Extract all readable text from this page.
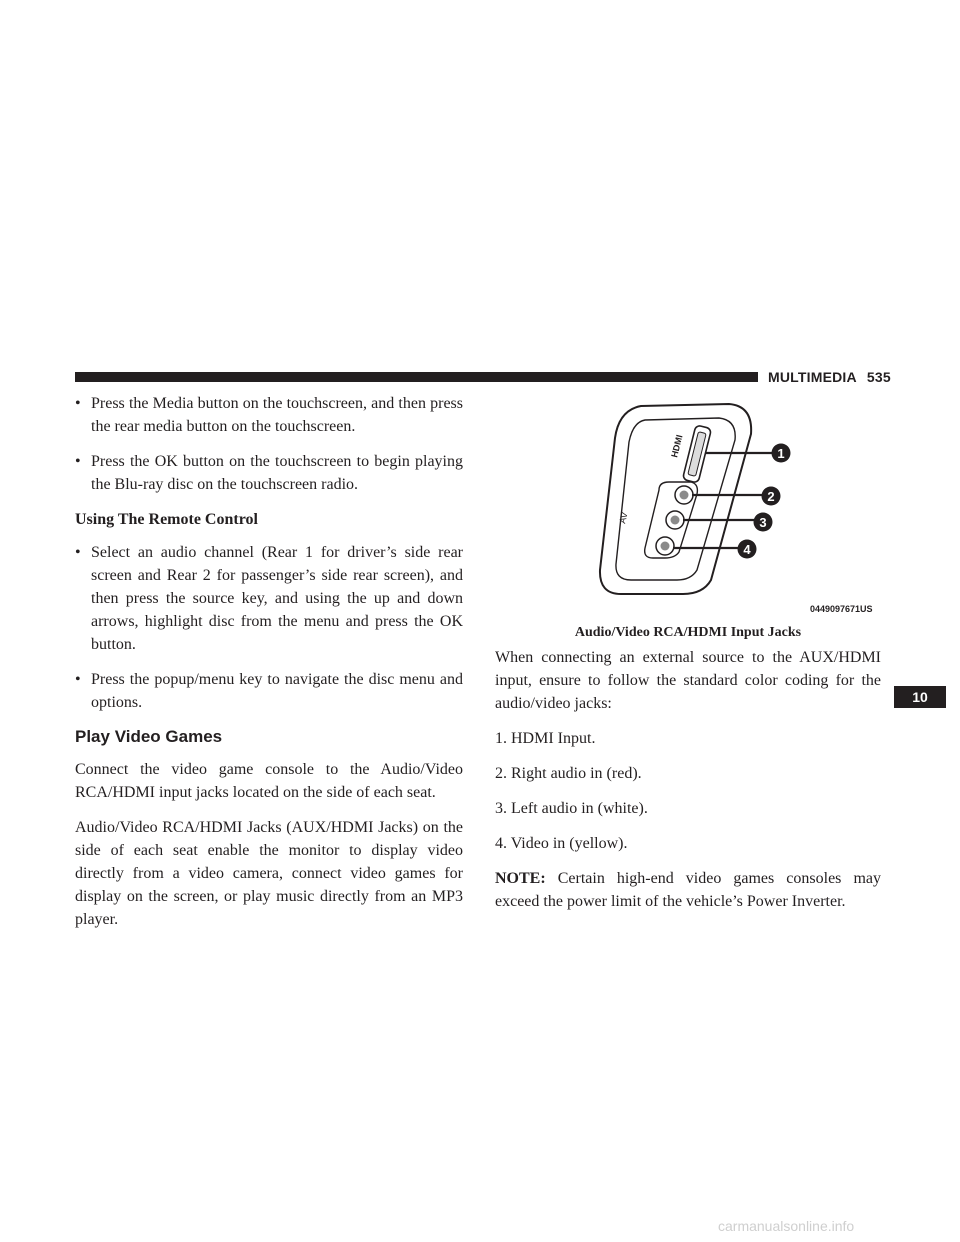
MULTIMEDIA 535
• Press the Media button on the touchscreen, and then press the rear media button on the touchscreen.
• Press the OK button on the touchscreen to begin playing the Blu-ray disc on the touchscreen radio.
Using The Remote Control
• Select an audio channel (Rear 1 for driver’s side rear screen and Rear 2 for passenger’s side rear screen), and then press the source key, and using the up and down arrows, highlight disc from the menu and press the OK button.
• Press the popup/menu key to navigate the disc menu and options.
Play Video Games

Connect the video game console to the Audio/Video RCA/HDMI input jacks located on the side of each seat.

Audio/Video RCA/HDMI Jacks (AUX/HDMI Jacks) on the side of each seat enable the monitor to display video directly from a video camera, connect video games for display on the screen, or play music directly from an MP3 player.

HDMI
AV
1
2
3
4
0449097671US
Audio/Video RCA/HDMI Input Jacks

When connecting an external source to the AUX/HDMI input, ensure to follow the standard color coding for the audio/video jacks:

1. HDMI Input.
2. Right audio in (red).
3. Left audio in (white).
4. Video in (yellow).

NOTE: Certain high-end video games consoles may exceed the power limit of the vehicle’s Power Inverter.

10
carmanualsonline.info
